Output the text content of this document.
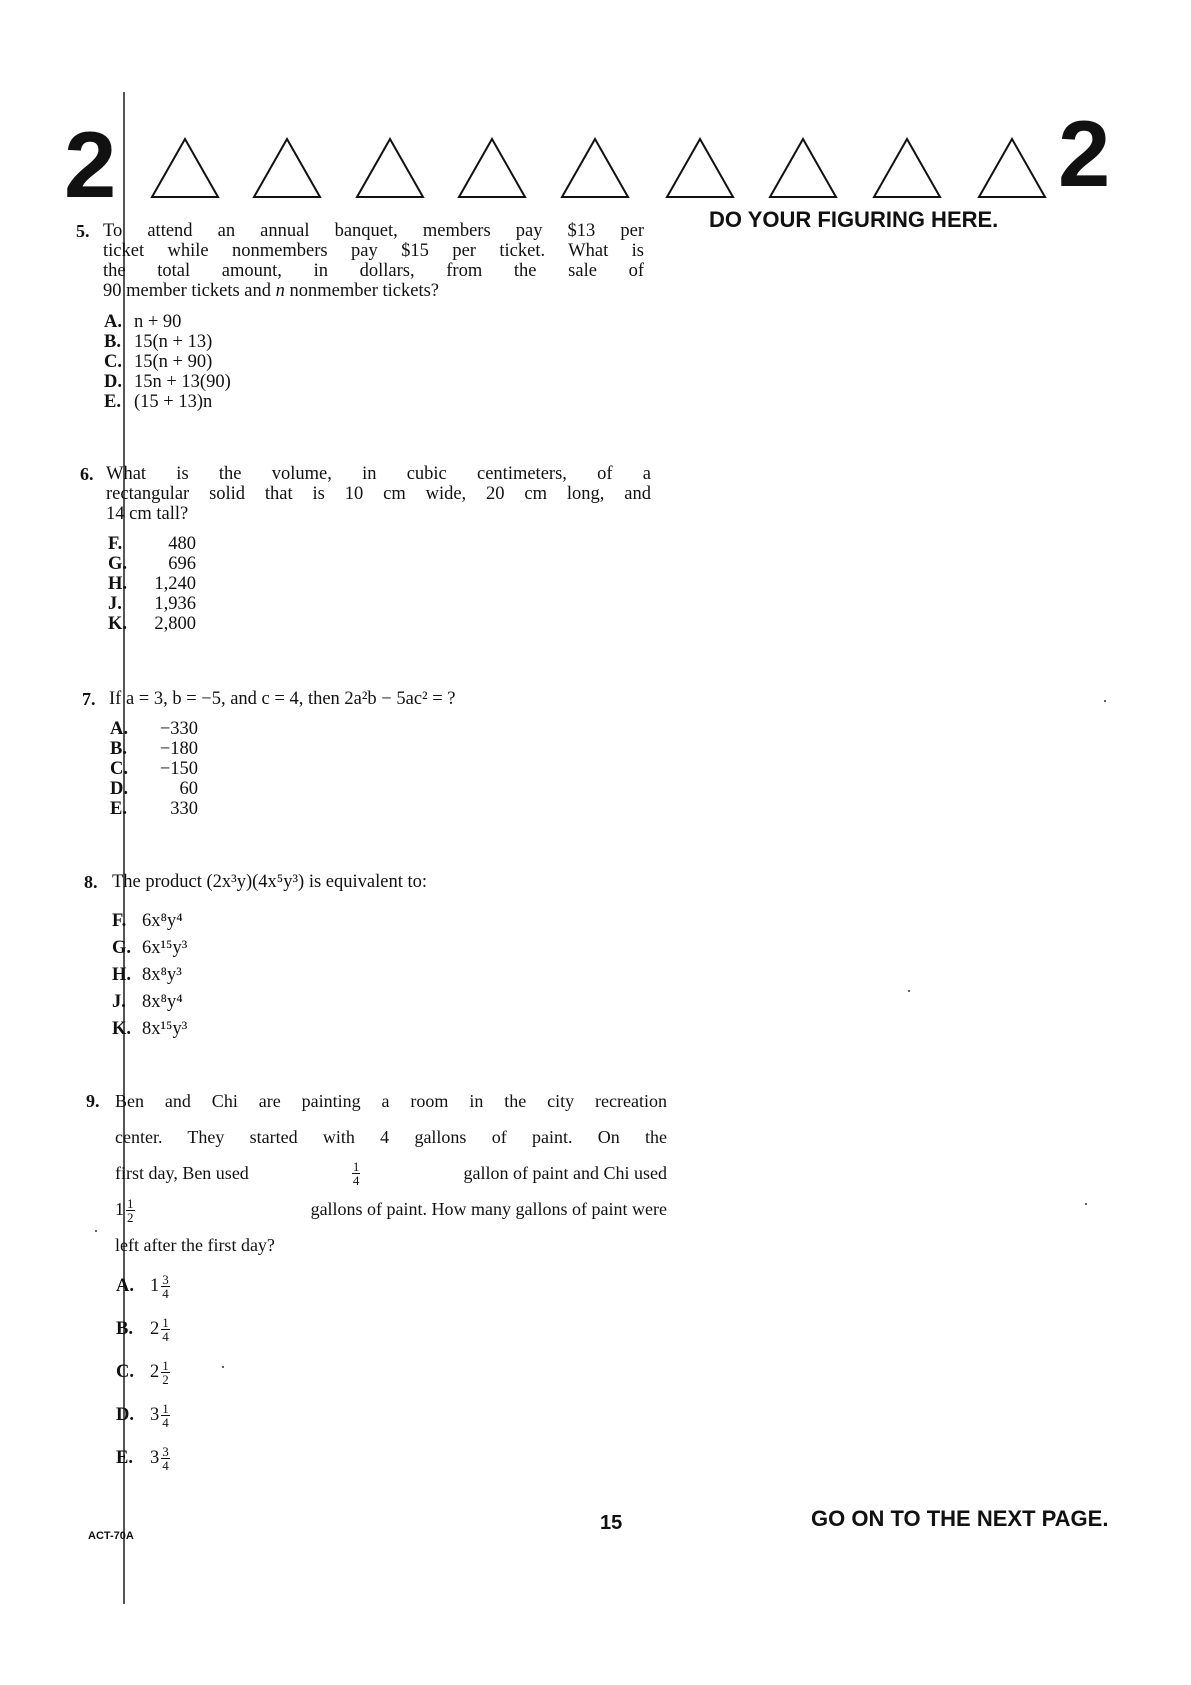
2	2
DO YOUR FIGURING HERE.
5. To attend an annual banquet, members pay $13 per
ticket while nonmembers pay $15 per ticket. What is
the total amount, in dollars, from the sale of
90 member tickets and n nonmember tickets?
A. n + 90
B. 15(n + 13)
C. 15(n + 90)
D. 15n + 13(90)
E. (15 + 13)n
6. What is the volume, in cubic centimeters, of a
rectangular solid that is 10 cm wide, 20 cm long, and
14 cm tall?
F. 480
G. 696
H. 1,240
J. 1,936
K. 2,800
7. If a = 3, b = −5, and c = 4, then 2a²b − 5ac² = ?
A. −330
B. −180
C. −150
D.	60
E. 330
8. The product (2x³y)(4x⁵y³) is equivalent to:
F. 6x⁸y⁴
G. 6x¹⁵y³
H. 8x⁸y³
J. 8x⁸y⁴
K. 8x¹⁵y³
9. Ben and Chi are painting a room in the city recreation
center. They started with 4 gallons of paint. On the
first day, Ben used	$\frac{1}{4}$	gallon of paint and Chi used
$1 \frac{1}{2}$	gallons of paint. How many gallons of paint were
left after the first day?
A. $1 \frac{3}{4}$
B. $2 \frac{1}{4}$
C. $2 \frac{1}{2}$
D. $3 \frac{1}{4}$
E. $3 \frac{3}{4}$
ACT-70A
15	GO ON TO THE NEXT PAGE.
